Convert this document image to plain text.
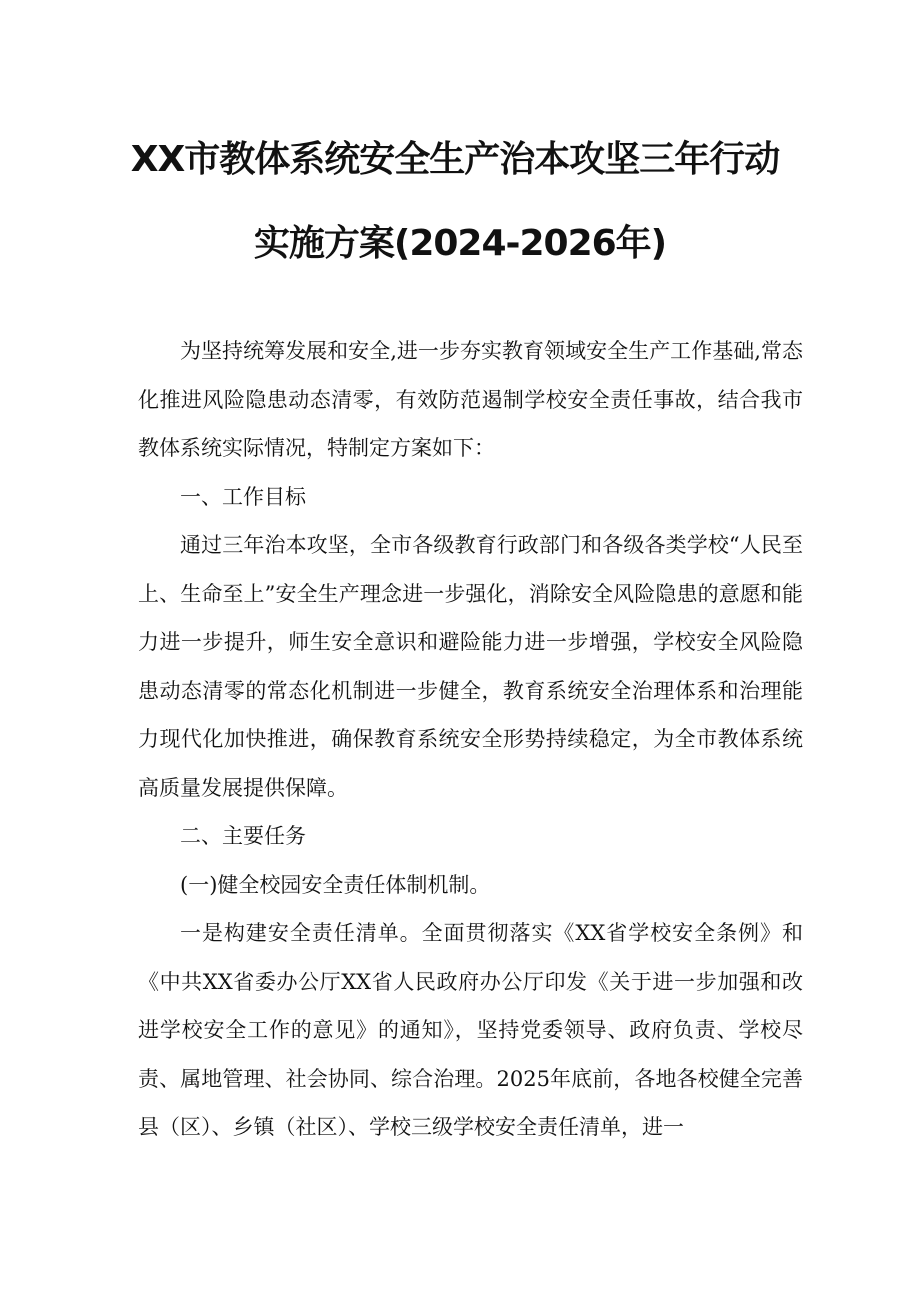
XX市教体系统安全生产治本攻坚三年行动
实施方案(2024-2026年)

为坚持统筹发展和安全,进一步夯实教育领域安全生产工作基础,常态化推进风险隐患动态清零，有效防范遏制学校安全责任事故，结合我市教体系统实际情况，特制定方案如下：

一、工作目标

通过三年治本攻坚，全市各级教育行政部门和各级各类学校“人民至上、生命至上”安全生产理念进一步强化，消除安全风险隐患的意愿和能力进一步提升，师生安全意识和避险能力进一步增强，学校安全风险隐患动态清零的常态化机制进一步健全，教育系统安全治理体系和治理能力现代化加快推进，确保教育系统安全形势持续稳定，为全市教体系统高质量发展提供保障。

二、主要任务

(一)健全校园安全责任体制机制。

一是构建安全责任清单。全面贯彻落实《XX省学校安全条例》和《中共XX省委办公厅XX省人民政府办公厅印发《关于进一步加强和改进学校安全工作的意见》的通知》，坚持党委领导、政府负责、学校尽责、属地管理、社会协同、综合治理。2025年底前，各地各校健全完善县（区）、乡镇（社区）、学校三级学校安全责任清单，进一
